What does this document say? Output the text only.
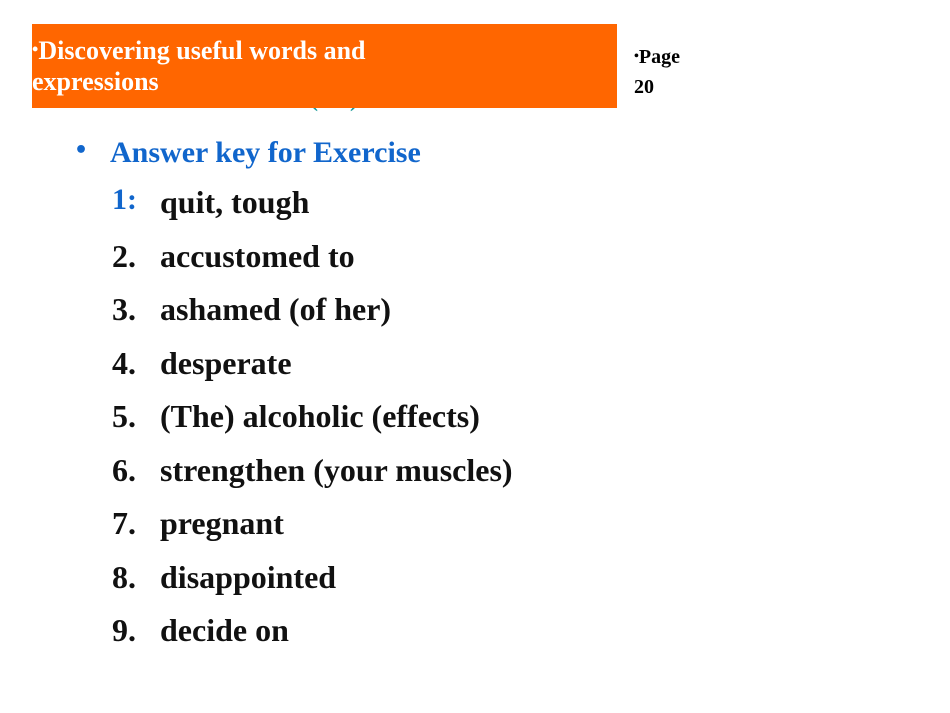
•Discovering useful words and
expressions
•Page
20
• Answer key for Exercise
1: quit, tough
2. accustomed to
3. ashamed (of her)
4. desperate
5. (The) alcoholic (effects)
6. strengthen (your muscles)
7. pregnant
8. disappointed
9. decide on
